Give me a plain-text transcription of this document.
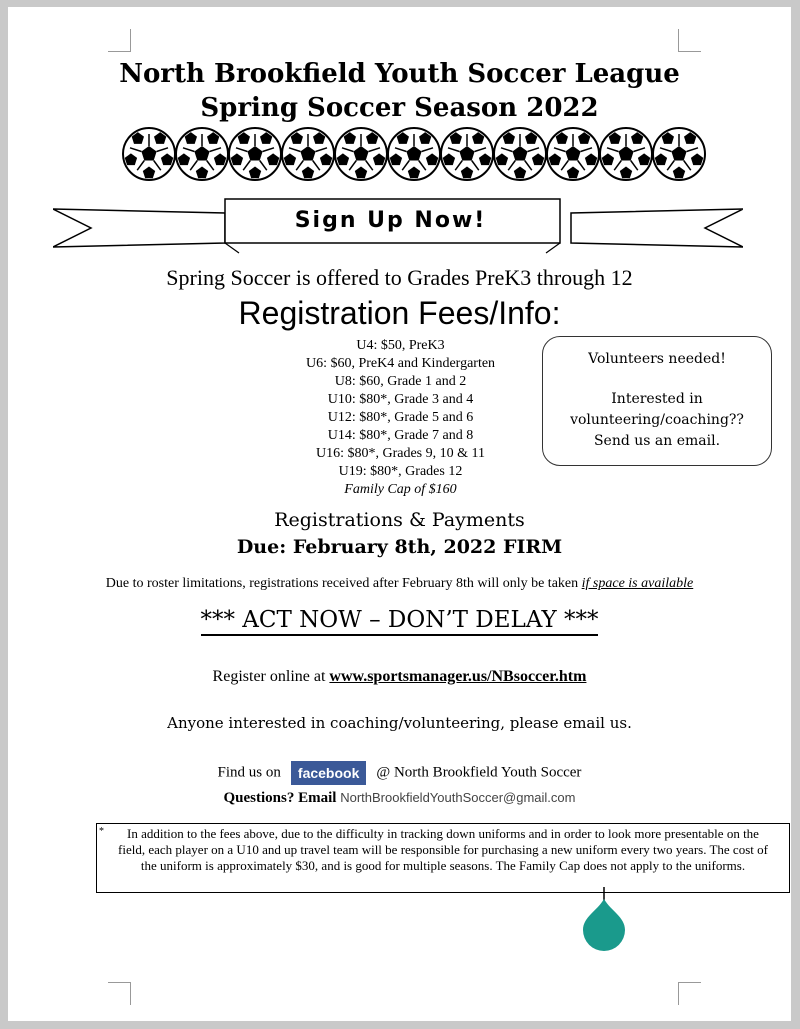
North Brookfield Youth Soccer League
Spring Soccer Season 2022
Sign Up Now!
Spring Soccer is offered to Grades PreK3 through 12
Registration Fees/Info:
U4: $50, PreK3
U6: $60, PreK4 and Kindergarten
U8: $60, Grade 1 and 2
U10: $80*, Grade 3 and 4
U12: $80*, Grade 5 and 6
U14: $80*, Grade 7 and 8
U16: $80*, Grades 9, 10 & 11
U19: $80*, Grades 12
Family Cap of $160
Volunteers needed!
Interested in
volunteering/coaching??
Send us an email.
Registrations & Payments
Due: February 8th, 2022 FIRM
Due to roster limitations, registrations received after February 8th will only be taken if space is available
*** ACT NOW – DON’T DELAY ***
Register online at www.sportsmanager.us/NBsoccer.htm
Anyone interested in coaching/volunteering, please email us.
Find us on facebook @ North Brookfield Youth Soccer
Questions? Email NorthBrookfieldYouthSoccer@gmail.com
*	In addition to the fees above, due to the difficulty in tracking down uniforms and in order to look more presentable on the field, each player on a U10 and up travel team will be responsible for purchasing a new uniform every two years. The cost of the uniform is approximately $30, and is good for multiple seasons. The Family Cap does not apply to the uniforms.
